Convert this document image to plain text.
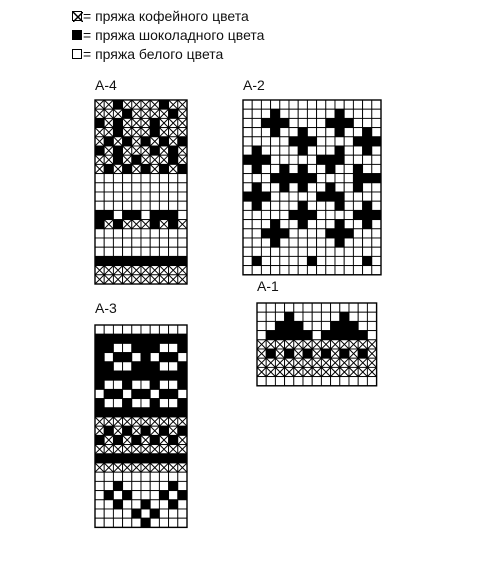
= пряжа кофейного цвета
= пряжа шоколадного цвета
= пряжа белого цвета
A-4	A-2
A-3
A-1
